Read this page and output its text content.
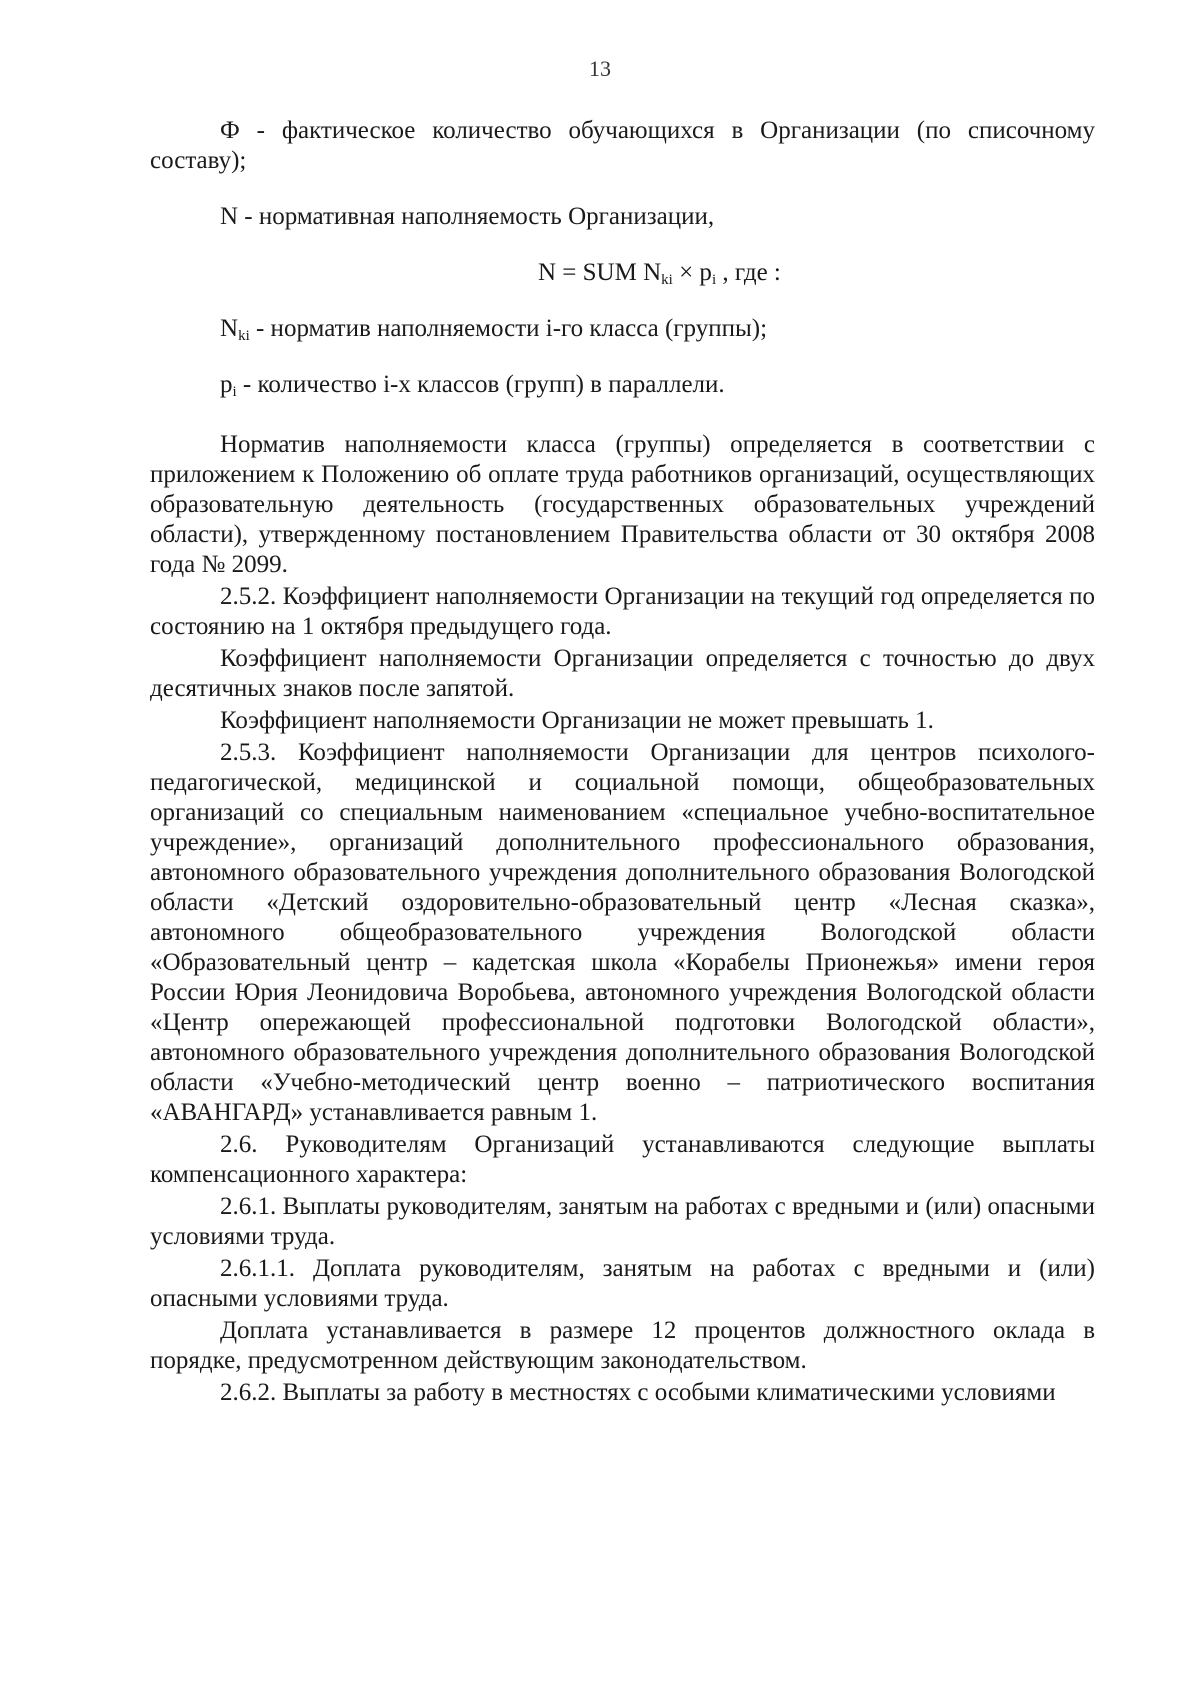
13

Ф - фактическое количество обучающихся в Организации (по списочному составу);

N - нормативная наполняемость Организации,

N = SUM $N_{ki} \times p_i$ , где :

$N_{ki}$ - норматив наполняемости i-го класса (группы);

$p_i$ - количество i-х классов (групп) в параллели.

Норматив наполняемости класса (группы) определяется в соответствии с приложением к Положению об оплате труда работников организаций, осуществляющих образовательную деятельность (государственных образовательных учреждений области), утвержденному постановлением Правительства области от 30 октября 2008 года № 2099.

2.5.2. Коэффициент наполняемости Организации на текущий год определяется по состоянию на 1 октября предыдущего года.

Коэффициент наполняемости Организации определяется с точностью до двух десятичных знаков после запятой.

Коэффициент наполняемости Организации не может превышать 1.

2.5.3. Коэффициент наполняемости Организации для центров психолого-педагогической, медицинской и социальной помощи, общеобразовательных организаций со специальным наименованием «специальное учебно-воспитательное учреждение», организаций дополнительного профессионального образования, автономного образовательного учреждения дополнительного образования Вологодской области «Детский оздоровительно-образовательный центр «Лесная сказка», автономного общеобразовательного учреждения Вологодской области «Образовательный центр – кадетская школа «Корабелы Прионежья» имени героя России Юрия Леонидовича Воробьева, автономного учреждения Вологодской области «Центр опережающей профессиональной подготовки Вологодской области», автономного образовательного учреждения дополнительного образования Вологодской области «Учебно-методический центр военно – патриотического воспитания «АВАНГАРД» устанавливается равным 1.

2.6. Руководителям Организаций устанавливаются следующие выплаты компенсационного характера:

2.6.1. Выплаты руководителям, занятым на работах с вредными и (или) опасными условиями труда.

2.6.1.1. Доплата руководителям, занятым на работах с вредными и (или) опасными условиями труда.

Доплата устанавливается в размере 12 процентов должностного оклада в порядке, предусмотренном действующим законодательством.

2.6.2. Выплаты за работу в местностях с особыми климатическими условиями
